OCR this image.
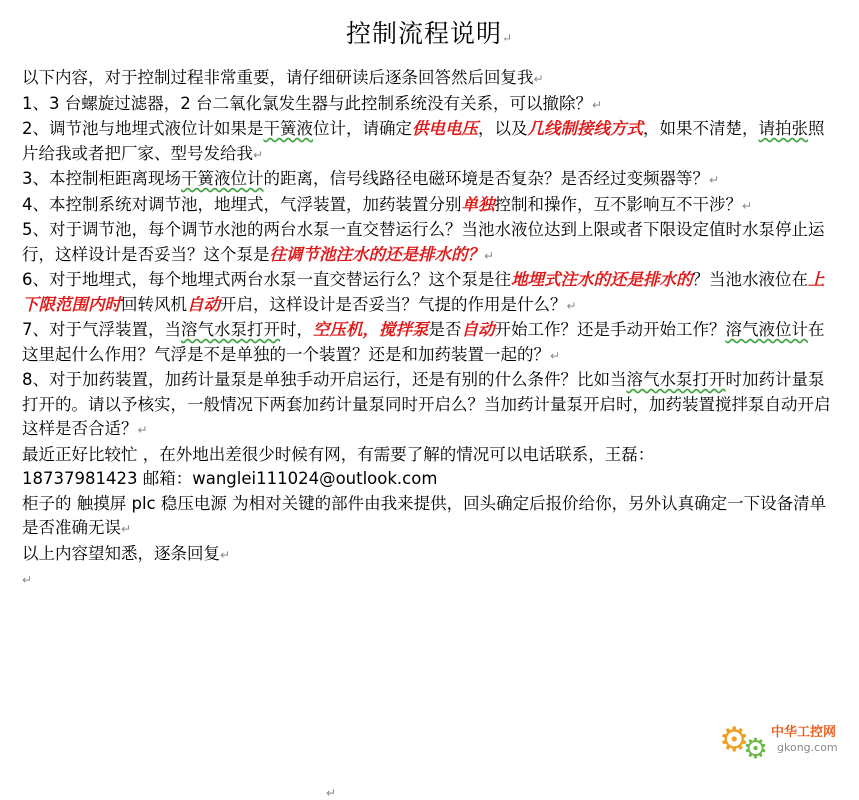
控制流程说明↵

以下内容，对于控制过程非常重要，请仔细研读后逐条回答然后回复我↵

1、3 台螺旋过滤器，2 台二氧化氯发生器与此控制系统没有关系，可以撤除？↵

2、调节池与地埋式液位计如果是干簧液位计，请确定供电电压，以及几线制接线方式，如果不清楚，请拍张照片给我或者把厂家、型号发给我↵

3、本控制柜距离现场干簧液位计的距离，信号线路径电磁环境是否复杂？是否经过变频器等？↵

4、本控制系统对调节池，地埋式，气浮装置，加药装置分别单独控制和操作，互不影响互不干涉？↵

5、对于调节池，每个调节水池的两台水泵一直交替运行么？当池水液位达到上限或者下限设定值时水泵停止运行，这样设计是否妥当？这个泵是往调节池注水的还是排水的？↵

6、对于地埋式，每个地埋式两台水泵一直交替运行么？这个泵是往地埋式注水的还是排水的？当池水液位在上下限范围内时回转风机自动开启，这样设计是否妥当？气提的作用是什么？↵

7、对于气浮装置，当溶气水泵打开时，空压机，搅拌泵是否自动开始工作？还是手动开始工作？溶气液位计在这里起什么作用？气浮是不是单独的一个装置？还是和加药装置一起的？↵

8、对于加药装置，加药计量泵是单独手动开启运行，还是有别的什么条件？比如当溶气水泵打开时加药计量泵打开的。请以予核实，一般情况下两套加药计量泵同时开启么？当加药计量泵开启时，加药装置搅拌泵自动开启这样是否合适？↵

最近正好比较忙 ，在外地出差很少时候有网，有需要了解的情况可以电话联系，王磊：

18737981423 邮箱：wanglei111024@outlook.com

柜子的 触摸屏 plc 稳压电源 为相对关键的部件由我来提供，回头确定后报价给你，另外认真确定一下设备清单是否准确无误↵

以上内容望知悉，逐条回复↵

↵

↵
⚙
⚙ 中华工控网
gkong.com
